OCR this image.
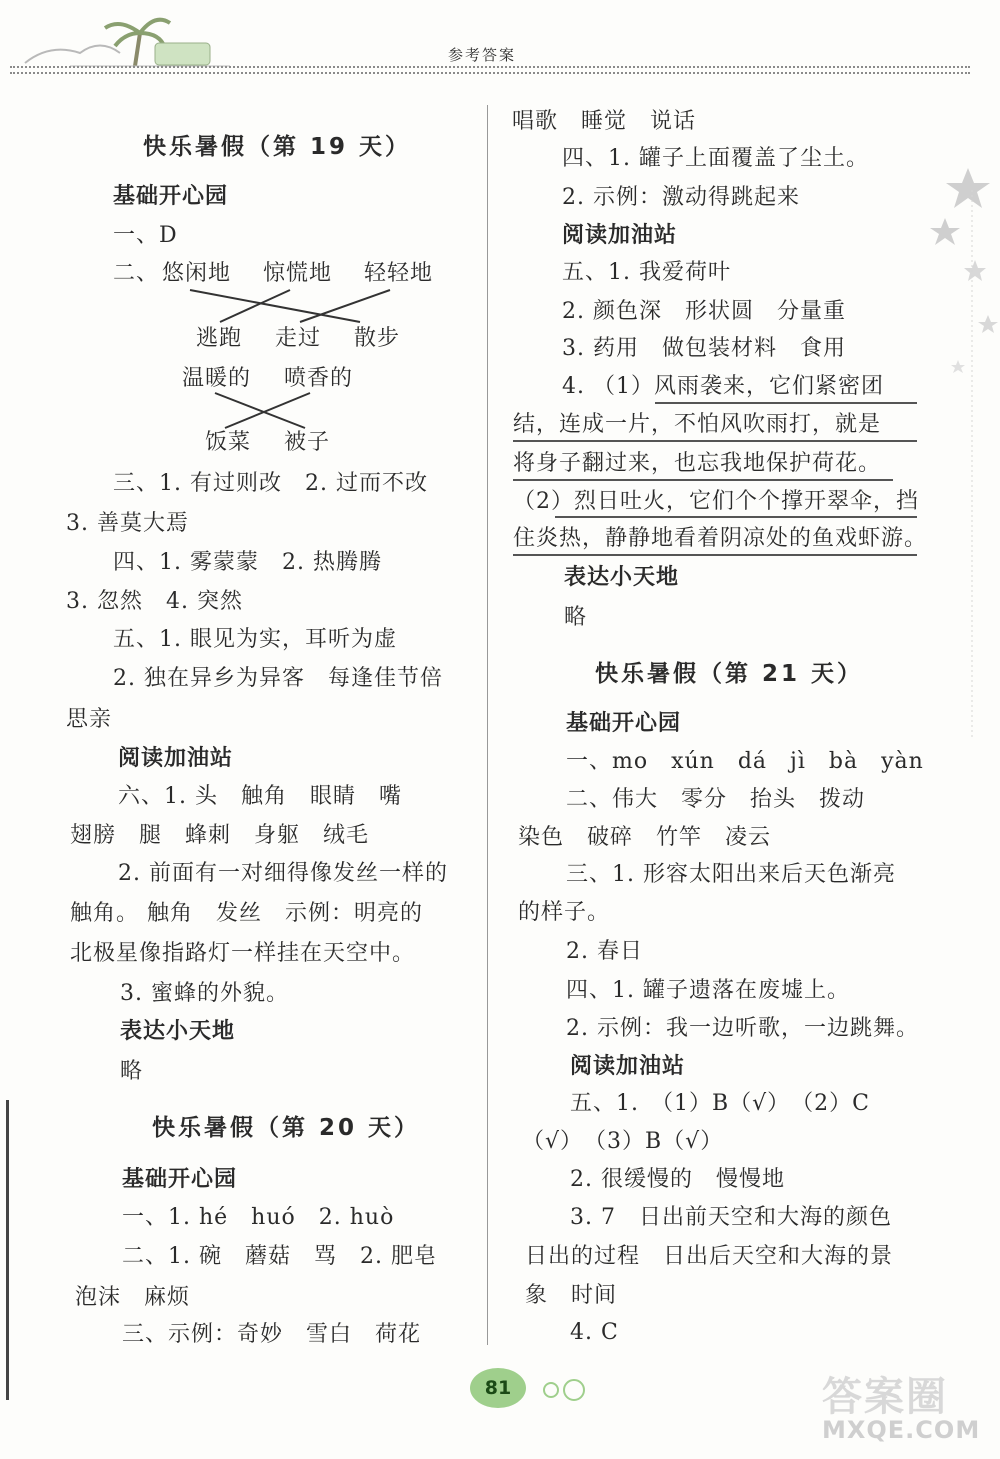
参考答案
快乐暑假（第 19 天）
基础开心园
一、D
二、 悠闲地 惊慌地 轻轻地
逃跑 走过 散步
温暖的 喷香的
饭菜 被子
三、1. 有过则改　2. 过而不改
3. 善莫大焉
四、1. 雾蒙蒙　2. 热腾腾
3. 忽然　4. 突然
五、1. 眼见为实，耳听为虚
2. 独在异乡为异客　每逢佳节倍
思亲
阅读加油站
六、1. 头　触角　眼睛　嘴
翅膀　腿　蜂刺　身躯　绒毛
2. 前面有一对细得像发丝一样的
触角。 触角　发丝　示例：明亮的
北极星像指路灯一样挂在天空中。
3. 蜜蜂的外貌。
表达小天地
略
快乐暑假（第 20 天）
基础开心园
一、1. hé　huó　2. huò
二、1. 碗　蘑菇　骂　2. 肥皂
泡沫　麻烦
三、示例：奇妙　雪白　荷花
唱歌　睡觉　说话
四、1. 罐子上面覆盖了尘土。
2. 示例：激动得跳起来
阅读加油站
五、1. 我爱荷叶
2. 颜色深　形状圆　分量重
3. 药用　做包装材料　食用
4. （1）风雨袭来，它们紧密团
结，连成一片，不怕风吹雨打，就是
将身子翻过来，也忘我地保护荷花。
（2）烈日吐火，它们个个撑开翠伞，挡
住炎热，静静地看着阴凉处的鱼戏虾游。
表达小天地
略
快乐暑假（第 21 天）
基础开心园
一、mo　xún　dá　jì　bà　yàn
二、伟大　零分　抬头　拨动
染色　破碎　竹竿　凌云
三、1. 形容太阳出来后天色渐亮
的样子。
2. 春日
四、1. 罐子遗落在废墟上。
2. 示例：我一边听歌，一边跳舞。
阅读加油站
五、1.　（1）B（√）　（2）C
（√）　（3）B（√）
2. 很缓慢的　慢慢地
3. 7　日出前天空和大海的颜色
日出的过程　日出后天空和大海的景
象　时间
4. C
81	答案圈
MXQE.COM
